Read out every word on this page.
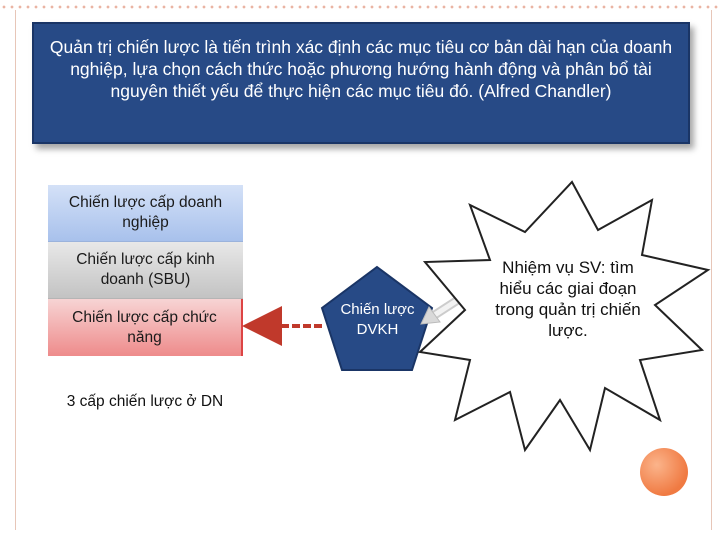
Quản trị chiến lược là tiến trình xác định các mục tiêu cơ bản dài hạn của doanh nghiệp, lựa chọn cách thức hoặc phương hướng hành động và phân bổ tài nguyên thiết yếu để thực hiện các mục tiêu đó. (Alfred Chandler)
Chiến lược cấp doanh nghiệp
Chiến lược cấp kinh doanh (SBU)
Chiến lược cấp chức năng
3 cấp chiến lược ở DN
Chiến lược DVKH
Nhiệm vụ SV: tìm hiểu các giai đoạn trong quản trị chiến lược.
